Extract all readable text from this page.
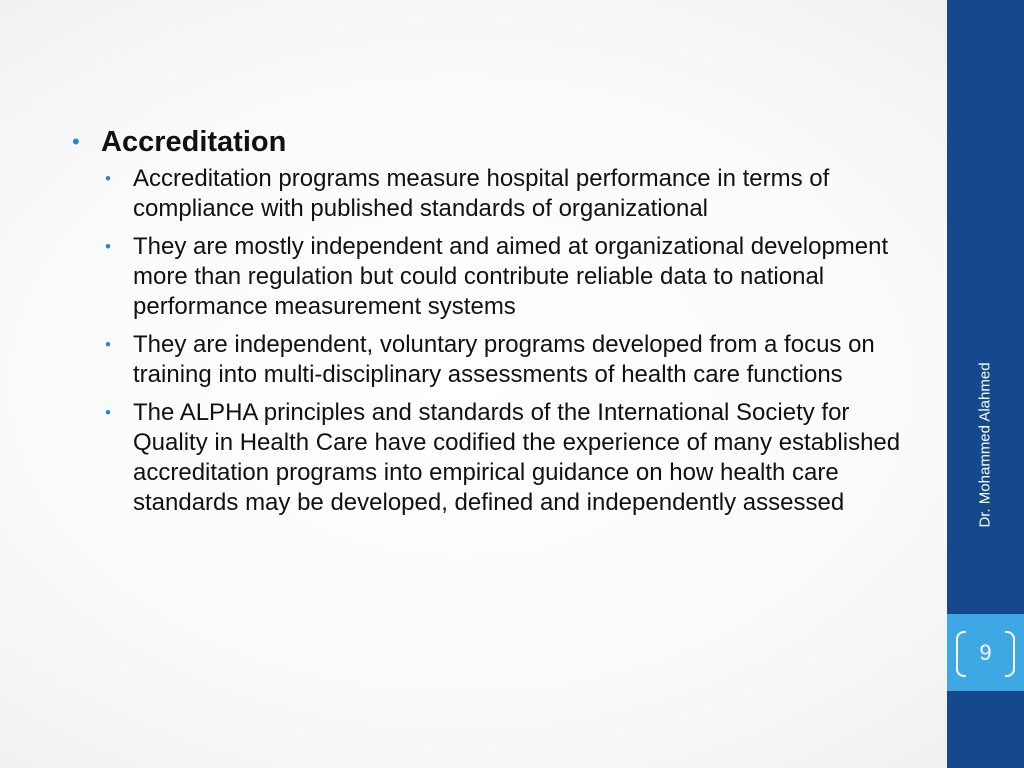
• Accreditation
• Accreditation programs measure hospital performance in terms of compliance with published standards of organizational
• They are mostly independent and aimed at organizational development more than regulation but could contribute reliable data to national performance measurement systems
• They are independent, voluntary programs developed from a focus on training into multi-disciplinary assessments of health care functions
• The ALPHA principles and standards of the International Society for Quality in Health Care have codified the experience of many established accreditation programs into empirical guidance on how health care standards may be developed, defined and independently assessed	Dr. Mohammed Alahmed
9
